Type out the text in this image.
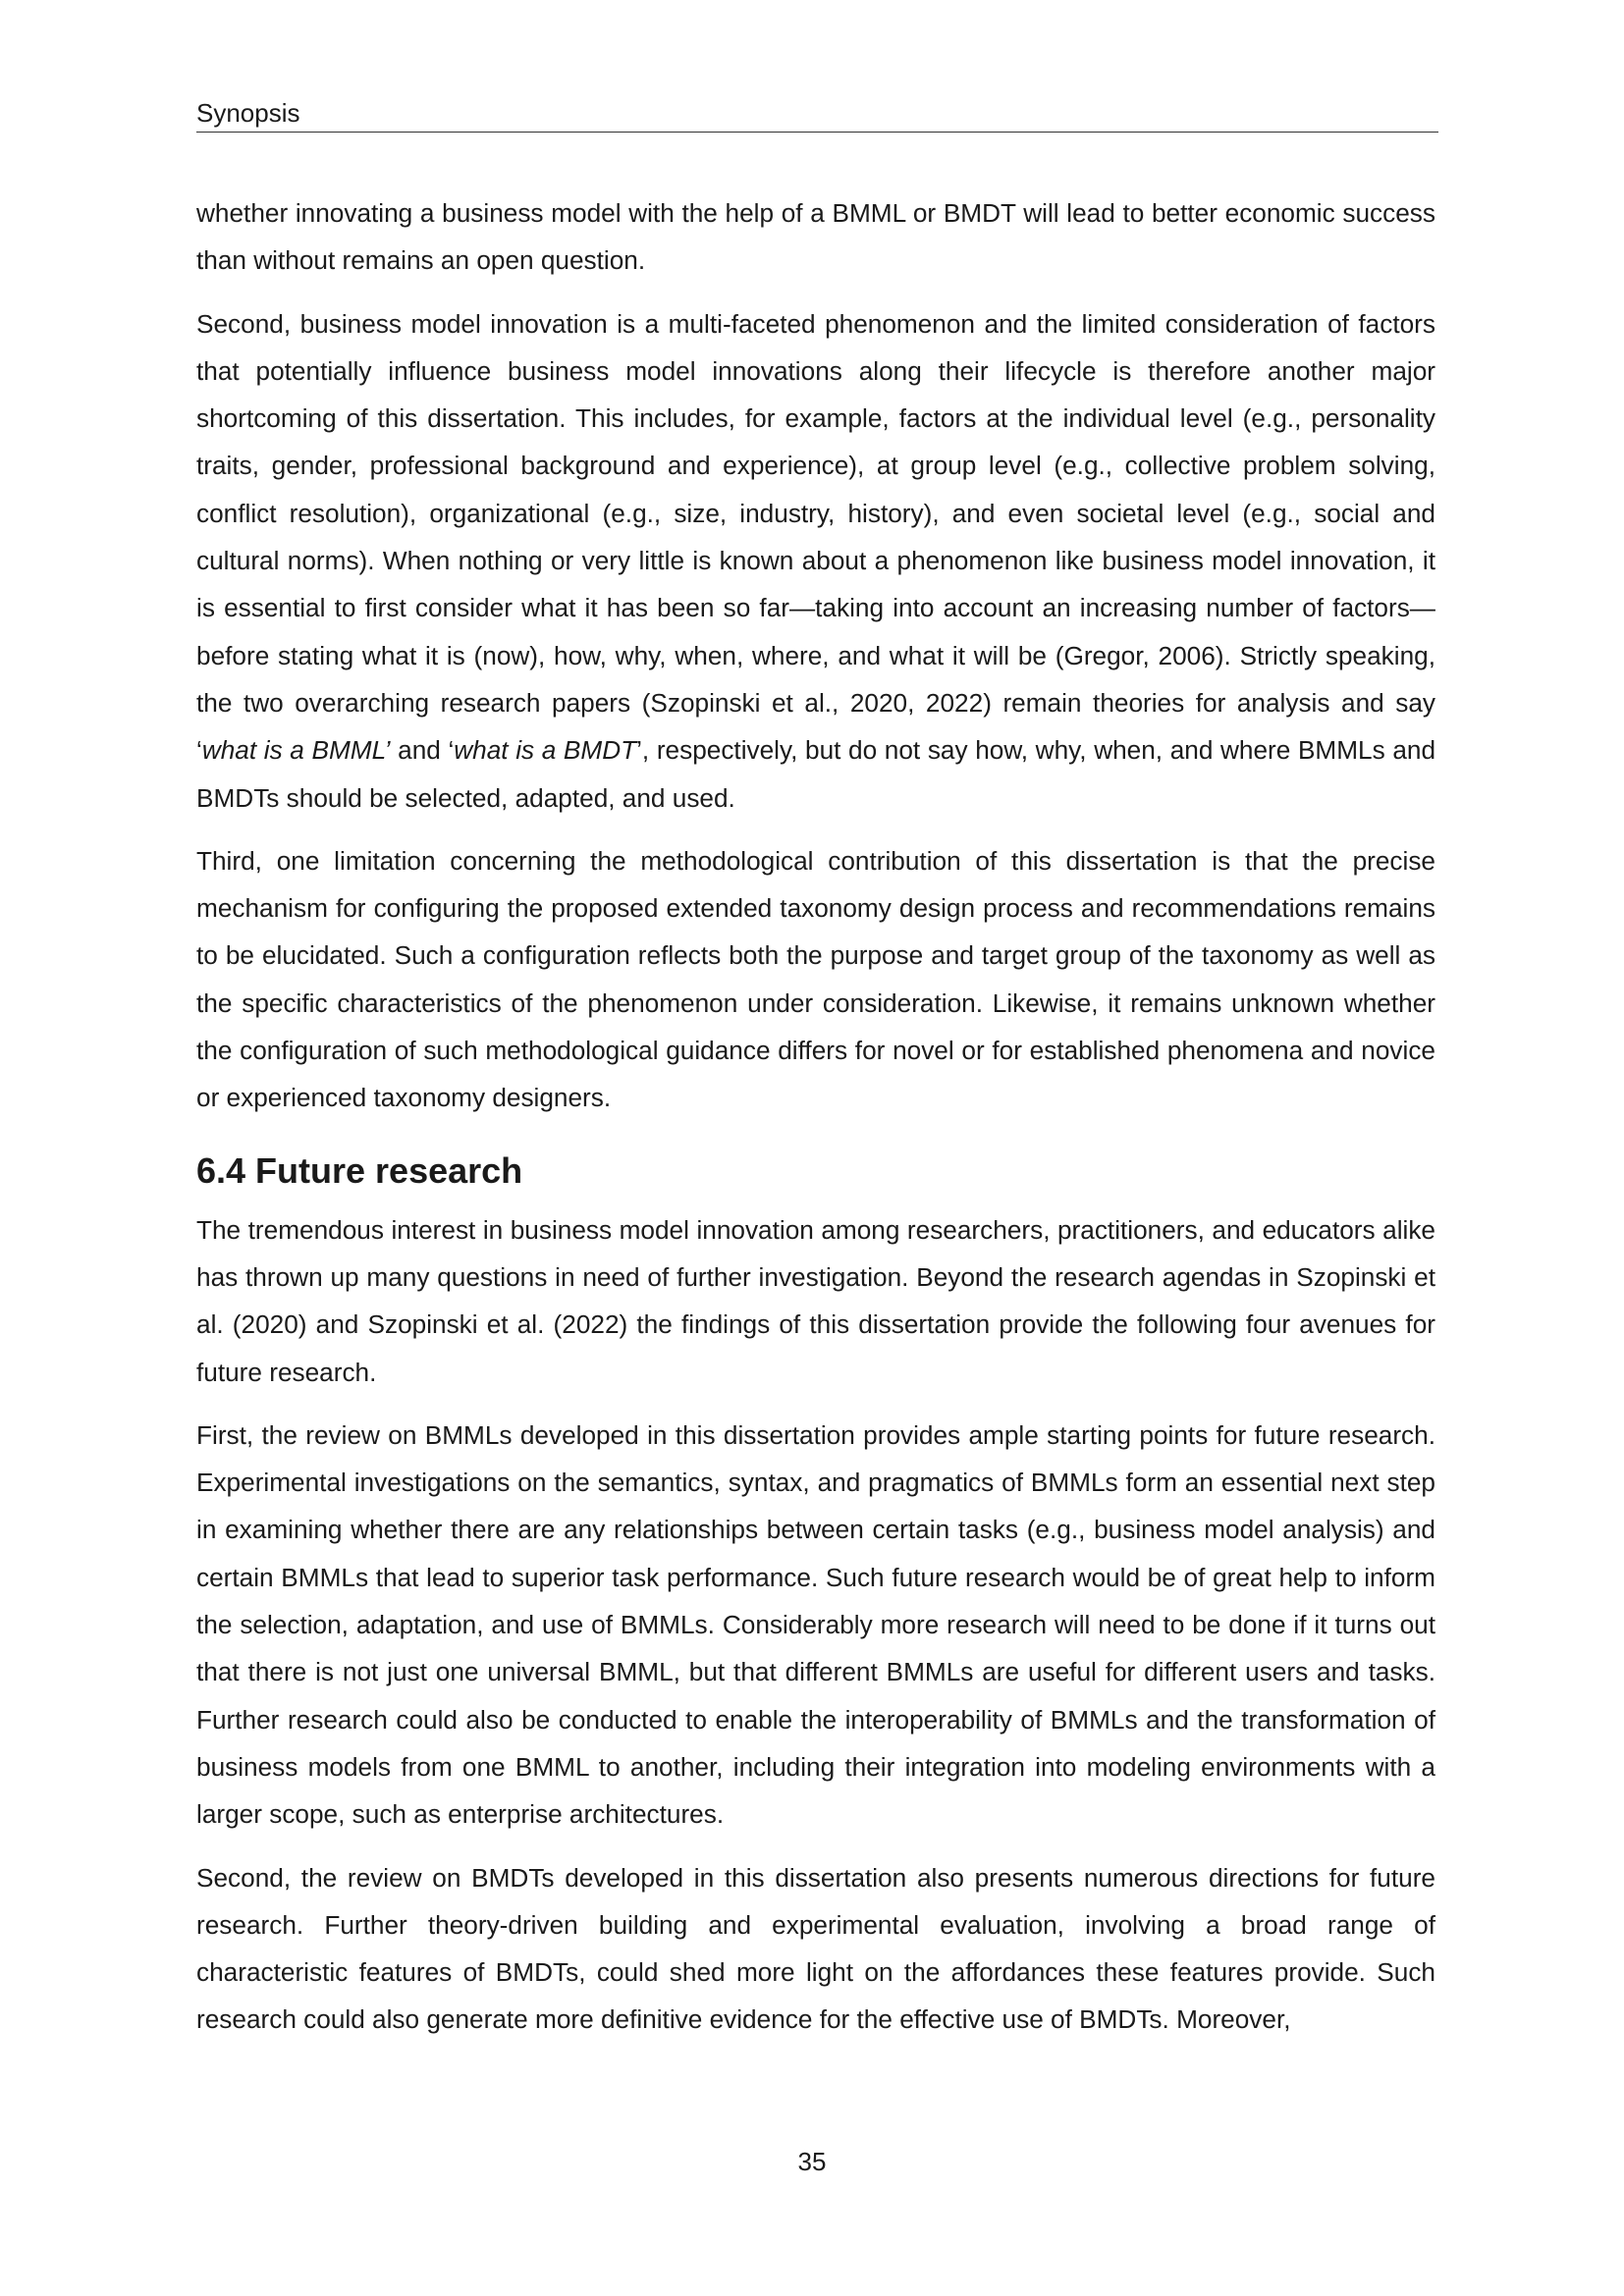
Synopsis

whether innovating a business model with the help of a BMML or BMDT will lead to better economic success than without remains an open question.

Second, business model innovation is a multi-faceted phenomenon and the limited consideration of factors that potentially influence business model innovations along their lifecycle is therefore another major shortcoming of this dissertation. This includes, for example, factors at the individual level (e.g., personality traits, gender, professional background and experience), at group level (e.g., collective problem solving, conflict resolution), organizational (e.g., size, industry, history), and even societal level (e.g., social and cultural norms). When nothing or very little is known about a phenomenon like business model innovation, it is essential to first consider what it has been so far—taking into account an increasing number of factors—before stating what it is (now), how, why, when, where, and what it will be (Gregor, 2006). Strictly speaking, the two overarching research papers (Szopinski et al., 2020, 2022) remain theories for analysis and say ‘what is a BMML’ and ‘what is a BMDT’, respectively, but do not say how, why, when, and where BMMLs and BMDTs should be selected, adapted, and used.

Third, one limitation concerning the methodological contribution of this dissertation is that the precise mechanism for configuring the proposed extended taxonomy design process and recommendations remains to be elucidated. Such a configuration reflects both the purpose and target group of the taxonomy as well as the specific characteristics of the phenomenon under consideration. Likewise, it remains unknown whether the configuration of such methodological guidance differs for novel or for established phenomena and novice or experienced taxonomy designers.

6.4 Future research

The tremendous interest in business model innovation among researchers, practitioners, and educators alike has thrown up many questions in need of further investigation. Beyond the research agendas in Szopinski et al. (2020) and Szopinski et al. (2022) the findings of this dissertation provide the following four avenues for future research.

First, the review on BMMLs developed in this dissertation provides ample starting points for future research. Experimental investigations on the semantics, syntax, and pragmatics of BMMLs form an essential next step in examining whether there are any relationships between certain tasks (e.g., business model analysis) and certain BMMLs that lead to superior task performance. Such future research would be of great help to inform the selection, adaptation, and use of BMMLs. Considerably more research will need to be done if it turns out that there is not just one universal BMML, but that different BMMLs are useful for different users and tasks. Further research could also be conducted to enable the interoperability of BMMLs and the transformation of business models from one BMML to another, including their integration into modeling environments with a larger scope, such as enterprise architectures.

Second, the review on BMDTs developed in this dissertation also presents numerous directions for future research. Further theory-driven building and experimental evaluation, involving a broad range of characteristic features of BMDTs, could shed more light on the affordances these features provide. Such research could also generate more definitive evidence for the effective use of BMDTs. Moreover,

35
